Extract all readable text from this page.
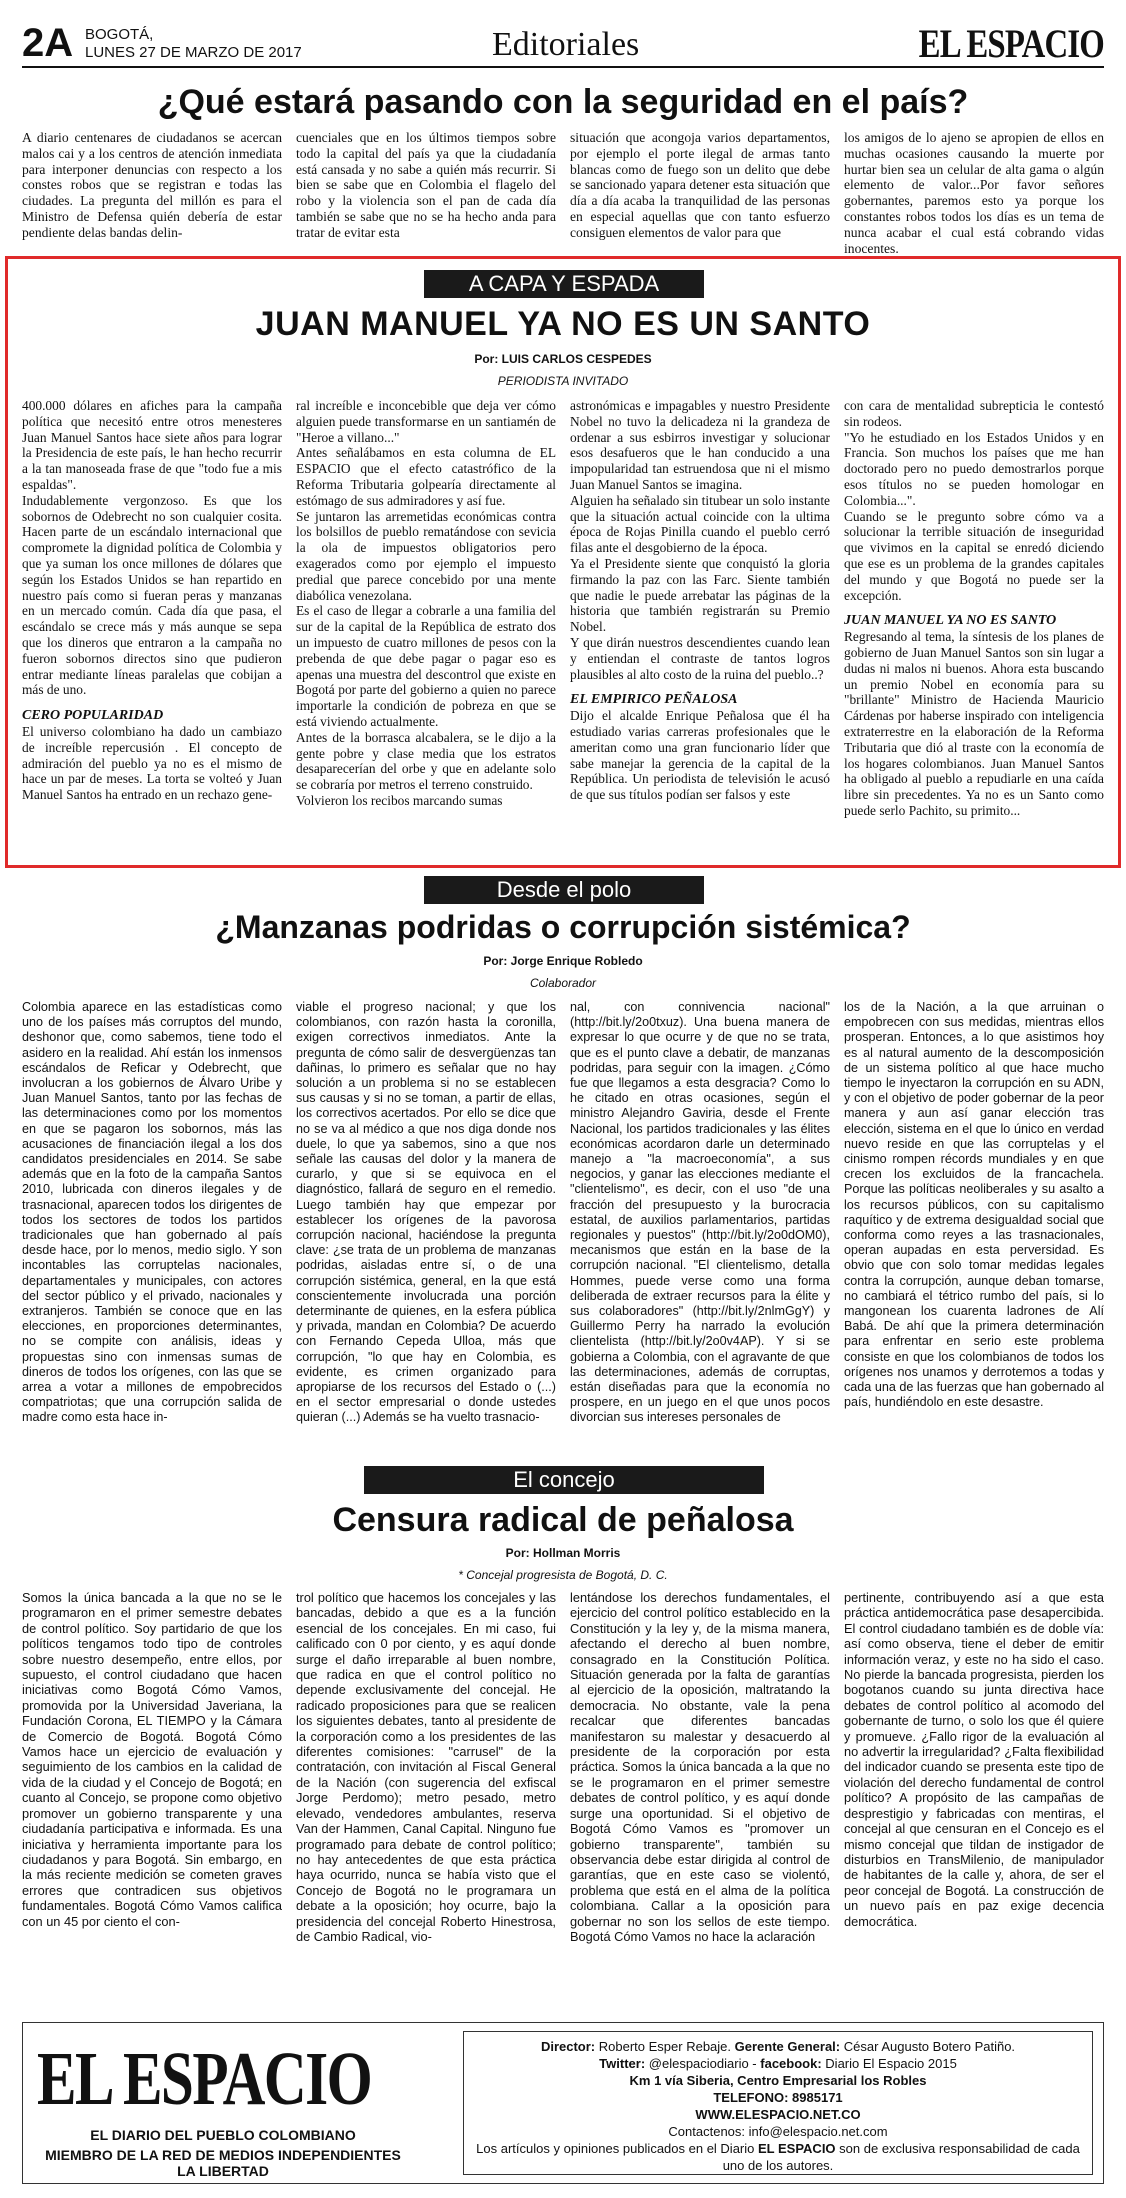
2A BOGOTÁ,
LUNES 27 DE MARZO DE 2017	Editoriales	EL ESPACIO
¿Qué estará pasando con la seguridad en el país?
A diario centenares de ciudadanos se acercan malos cai y a los centros de atención inmediata para interponer denuncias con respecto a los constes robos que se registran e todas las ciudades. La pregunta del millón es para el Ministro de Defensa quién debería de estar pendiente delas bandas delin-
cuenciales que en los últimos tiempos sobre todo la capital del país ya que la ciudadanía está cansada y no sabe a quién más recurrir. Si bien se sabe que en Colombia el flagelo del robo y la violencia son el pan de cada día también se sabe que no se ha hecho anda para tratar de evitar esta
situación que acongoja varios departamentos, por ejemplo el porte ilegal de armas tanto blancas como de fuego son un delito que debe se sancionado yapara detener esta situación que día a día acaba la tranquilidad de las personas en especial aquellas que con tanto esfuerzo consiguen elementos de valor para que
los amigos de lo ajeno se apropien de ellos en muchas ocasiones causando la muerte por hurtar bien sea un celular de alta gama o algún elemento de valor...Por favor señores gobernantes, paremos esto ya porque los constantes robos todos los días es un tema de nunca acabar el cual está cobrando vidas inocentes.
A CAPA Y ESPADA
JUAN MANUEL YA NO ES UN SANTO
Por: LUIS CARLOS CESPEDES
PERIODISTA INVITADO

400.000 dólares en afiches para la campaña política que necesitó entre otros menesteres Juan Manuel Santos hace siete años para lograr la Presidencia de este país, le han hecho recurrir a la tan manoseada frase de que "todo fue a mis espaldas".

Indudablemente vergonzoso. Es que los sobornos de Odebrecht no son cualquier cosita. Hacen parte de un escándalo internacional que compromete la dignidad política de Colombia y que ya suman los once millones de dólares que según los Estados Unidos se han repartido en nuestro país como si fueran peras y manzanas en un mercado común. Cada día que pasa, el escándalo se crece más y más aunque se sepa que los dineros que entraron a la campaña no fueron sobornos directos sino que pudieron entrar mediante líneas paralelas que cobijan a más de uno.

CERO POPULARIDAD

El universo colombiano ha dado un cambiazo de increíble repercusión . El concepto de admiración del pueblo ya no es el mismo de hace un par de meses. La torta se volteó y Juan Manuel Santos ha entrado en un rechazo gene-

ral increíble e inconcebible que deja ver cómo alguien puede transformarse en un santiamén de "Heroe a villano..."

Antes señalábamos en esta columna de EL ESPACIO que el efecto catastrófico de la Reforma Tributaria golpearía directamente al estómago de sus admiradores y así fue.

Se juntaron las arremetidas económicas contra los bolsillos de pueblo rematándose con sevicia la ola de impuestos obligatorios pero exagerados como por ejemplo el impuesto predial que parece concebido por una mente diabólica venezolana.

Es el caso de llegar a cobrarle a una familia del sur de la capital de la República de estrato dos un impuesto de cuatro millones de pesos con la prebenda de que debe pagar o pagar eso es apenas una muestra del descontrol que existe en Bogotá por parte del gobierno a quien no parece importarle la condición de pobreza en que se está viviendo actualmente.

Antes de la borrasca alcabalera, se le dijo a la gente pobre y clase media que los estratos desaparecerían del orbe y que en adelante solo se cobraría por metros el terreno construido.

Volvieron los recibos marcando sumas

astronómicas e impagables y nuestro Presidente Nobel no tuvo la delicadeza ni la grandeza de ordenar a sus esbirros investigar y solucionar esos desafueros que le han conducido a una impopularidad tan estruendosa que ni el mismo Juan Manuel Santos se imagina.

Alguien ha señalado sin titubear un solo instante que la situación actual coincide con la ultima época de Rojas Pinilla cuando el pueblo cerró filas ante el desgobierno de la época.

Ya el Presidente siente que conquistó la gloria firmando la paz con las Farc. Siente también que nadie le puede arrebatar las páginas de la historia que también registrarán su Premio Nobel.

Y que dirán nuestros descendientes cuando lean y entiendan el contraste de tantos logros plausibles al alto costo de la ruina del pueblo..?

EL EMPIRICO PEÑALOSA

Dijo el alcalde Enrique Peñalosa que él ha estudiado varias carreras profesionales que le ameritan como una gran funcionario líder que sabe manejar la gerencia de la capital de la República. Un periodista de televisión le acusó de que sus títulos podían ser falsos y este

con cara de mentalidad subrepticia le contestó sin rodeos.

"Yo he estudiado en los Estados Unidos y en Francia. Son muchos los países que me han doctorado pero no puedo demostrarlos porque esos títulos no se pueden homologar en Colombia...".

Cuando se le pregunto sobre cómo va a solucionar la terrible situación de inseguridad que vivimos en la capital se enredó diciendo que ese es un problema de la grandes capitales del mundo y que Bogotá no puede ser la excepción.

JUAN MANUEL YA NO ES SANTO

Regresando al tema, la síntesis de los planes de gobierno de Juan Manuel Santos son sin lugar a dudas ni malos ni buenos. Ahora esta buscando un premio Nobel en economía para su "brillante" Ministro de Hacienda Mauricio Cárdenas por haberse inspirado con inteligencia extraterrestre en la elaboración de la Reforma Tributaria que dió al traste con la economía de los hogares colombianos. Juan Manuel Santos ha obligado al pueblo a repudiarle en una caída libre sin precedentes. Ya no es un Santo como puede serlo Pachito, su primito...

Desde el polo
¿Manzanas podridas o corrupción sistémica?
Por: Jorge Enrique Robledo
Colaborador
Colombia aparece en las estadísticas como uno de los países más corruptos del mundo, deshonor que, como sabemos, tiene todo el asidero en la realidad. Ahí están los inmensos escándalos de Reficar y Odebrecht, que involucran a los gobiernos de Álvaro Uribe y Juan Manuel Santos, tanto por las fechas de las determinaciones como por los momentos en que se pagaron los sobornos, más las acusaciones de financiación ilegal a los dos candidatos presidenciales en 2014. Se sabe además que en la foto de la campaña Santos 2010, lubricada con dineros ilegales y de trasnacional, aparecen todos los dirigentes de todos los sectores de todos los partidos tradicionales que han gobernado al país desde hace, por lo menos, medio siglo. Y son incontables las corruptelas nacionales, departamentales y municipales, con actores del sector público y el privado, nacionales y extranjeros. También se conoce que en las elecciones, en proporciones determinantes, no se compite con análisis, ideas y propuestas sino con inmensas sumas de dineros de todos los orígenes, con las que se arrea a votar a millones de empobrecidos compatriotas; que una corrupción salida de madre como esta hace in-
viable el progreso nacional; y que los colombianos, con razón hasta la coronilla, exigen correctivos inmediatos. Ante la pregunta de cómo salir de desvergüenzas tan dañinas, lo primero es señalar que no hay solución a un problema si no se establecen sus causas y si no se toman, a partir de ellas, los correctivos acertados. Por ello se dice que no se va al médico a que nos diga donde nos duele, lo que ya sabemos, sino a que nos señale las causas del dolor y la manera de curarlo, y que si se equivoca en el diagnóstico, fallará de seguro en el remedio. Luego también hay que empezar por establecer los orígenes de la pavorosa corrupción nacional, haciéndose la pregunta clave: ¿se trata de un problema de manzanas podridas, aisladas entre sí, o de una corrupción sistémica, general, en la que está conscientemente involucrada una porción determinante de quienes, en la esfera pública y privada, mandan en Colombia? De acuerdo con Fernando Cepeda Ulloa, más que corrupción, "lo que hay en Colombia, es evidente, es crimen organizado para apropiarse de los recursos del Estado o (...) en el sector empresarial o donde ustedes quieran (...) Además se ha vuelto trasnacio-
nal, con connivencia nacional" (http://bit.ly/2o0txuz). Una buena manera de expresar lo que ocurre y de que no se trata, que es el punto clave a debatir, de manzanas podridas, para seguir con la imagen. ¿Cómo fue que llegamos a esta desgracia? Como lo he citado en otras ocasiones, según el ministro Alejandro Gaviria, desde el Frente Nacional, los partidos tradicionales y las élites económicas acordaron darle un determinado manejo a "la macroeconomía", a sus negocios, y ganar las elecciones mediante el "clientelismo", es decir, con el uso "de una fracción del presupuesto y la burocracia estatal, de auxilios parlamentarios, partidas regionales y puestos" (http://bit.ly/2o0dOM0), mecanismos que están en la base de la corrupción nacional. "El clientelismo, detalla Hommes, puede verse como una forma deliberada de extraer recursos para la élite y sus colaboradores" (http://bit.ly/2nlmGgY) y Guillermo Perry ha narrado la evolución clientelista (http://bit.ly/2o0v4AP). Y si se gobierna a Colombia, con el agravante de que las determinaciones, además de corruptas, están diseñadas para que la economía no prospere, en un juego en el que unos pocos divorcian sus intereses personales de
los de la Nación, a la que arruinan o empobrecen con sus medidas, mientras ellos prosperan. Entonces, a lo que asistimos hoy es al natural aumento de la descomposición de un sistema político al que hace mucho tiempo le inyectaron la corrupción en su ADN, y con el objetivo de poder gobernar de la peor manera y aun así ganar elección tras elección, sistema en el que lo único en verdad nuevo reside en que las corruptelas y el cinismo rompen récords mundiales y en que crecen los excluidos de la francachela. Porque las políticas neoliberales y su asalto a los recursos públicos, con su capitalismo raquítico y de extrema desigualdad social que conforma como reyes a las trasnacionales, operan aupadas en esta perversidad. Es obvio que con solo tomar medidas legales contra la corrupción, aunque deban tomarse, no cambiará el tétrico rumbo del país, si lo mangonean los cuarenta ladrones de Alí Babá. De ahí que la primera determinación para enfrentar en serio este problema consiste en que los colombianos de todos los orígenes nos unamos y derrotemos a todas y cada una de las fuerzas que han gobernado al país, hundiéndolo en este desastre.
El concejo
Censura radical de peñalosa
Por: Hollman Morris
* Concejal progresista de Bogotá, D. C.
Somos la única bancada a la que no se le programaron en el primer semestre debates de control político. Soy partidario de que los políticos tengamos todo tipo de controles sobre nuestro desempeño, entre ellos, por supuesto, el control ciudadano que hacen iniciativas como Bogotá Cómo Vamos, promovida por la Universidad Javeriana, la Fundación Corona, EL TIEMPO y la Cámara de Comercio de Bogotá. Bogotá Cómo Vamos hace un ejercicio de evaluación y seguimiento de los cambios en la calidad de vida de la ciudad y el Concejo de Bogotá; en cuanto al Concejo, se propone como objetivo promover un gobierno transparente y una ciudadanía participativa e informada. Es una iniciativa y herramienta importante para los ciudadanos y para Bogotá. Sin embargo, en la más reciente medición se cometen graves errores que contradicen sus objetivos fundamentales. Bogotá Cómo Vamos califica con un 45 por ciento el con-
trol político que hacemos los concejales y las bancadas, debido a que es a la función esencial de los concejales. En mi caso, fui calificado con 0 por ciento, y es aquí donde surge el daño irreparable al buen nombre, que radica en que el control político no depende exclusivamente del concejal. He radicado proposiciones para que se realicen los siguientes debates, tanto al presidente de la corporación como a los presidentes de las diferentes comisiones: "carrusel" de la contratación, con invitación al Fiscal General de la Nación (con sugerencia del exfiscal Jorge Perdomo); metro pesado, metro elevado, vendedores ambulantes, reserva Van der Hammen, Canal Capital. Ninguno fue programado para debate de control político; no hay antecedentes de que esta práctica haya ocurrido, nunca se había visto que el Concejo de Bogotá no le programara un debate a la oposición; hoy ocurre, bajo la presidencia del concejal Roberto Hinestrosa, de Cambio Radical, vio-
lentándose los derechos fundamentales, el ejercicio del control político establecido en la Constitución y la ley y, de la misma manera, afectando el derecho al buen nombre, consagrado en la Constitución Política. Situación generada por la falta de garantías al ejercicio de la oposición, maltratando la democracia. No obstante, vale la pena recalcar que diferentes bancadas manifestaron su malestar y desacuerdo al presidente de la corporación por esta práctica. Somos la única bancada a la que no se le programaron en el primer semestre debates de control político, y es aquí donde surge una oportunidad. Si el objetivo de Bogotá Cómo Vamos es "promover un gobierno transparente", también su observancia debe estar dirigida al control de garantías, que en este caso se violentó, problema que está en el alma de la política colombiana. Callar a la oposición para gobernar no son los sellos de este tiempo. Bogotá Cómo Vamos no hace la aclaración
pertinente, contribuyendo así a que esta práctica antidemocrática pase desapercibida. El control ciudadano también es de doble vía: así como observa, tiene el deber de emitir información veraz, y este no ha sido el caso. No pierde la bancada progresista, pierden los bogotanos cuando su junta directiva hace debates de control político al acomodo del gobernante de turno, o solo los que él quiere y promueve. ¿Fallo rigor de la evaluación al no advertir la irregularidad? ¿Falta flexibilidad del indicador cuando se presenta este tipo de violación del derecho fundamental de control político? A propósito de las campañas de desprestigio y fabricadas con mentiras, el concejal al que censuran en el Concejo es el mismo concejal que tildan de instigador de disturbios en TransMilenio, de manipulador de habitantes de la calle y, ahora, de ser el peor concejal de Bogotá. La construcción de un nuevo país en paz exige decencia democrática.
EL ESPACIO
EL DIARIO DEL PUEBLO COLOMBIANO
MIEMBRO DE LA RED DE MEDIOS INDEPENDIENTES LA LIBERTAD
Director: Roberto Esper Rebaje. Gerente General: César Augusto Botero Patiño.
Twitter: @elespaciodiario - facebook: Diario El Espacio 2015
Km 1 vía Siberia, Centro Empresarial los Robles
TELEFONO: 8985171
WWW.ELESPACIO.NET.CO
Contactenos: info@elespacio.net.com
Los artículos y opiniones publicados en el Diario EL ESPACIO son de exclusiva responsabilidad de cada uno de los autores.
